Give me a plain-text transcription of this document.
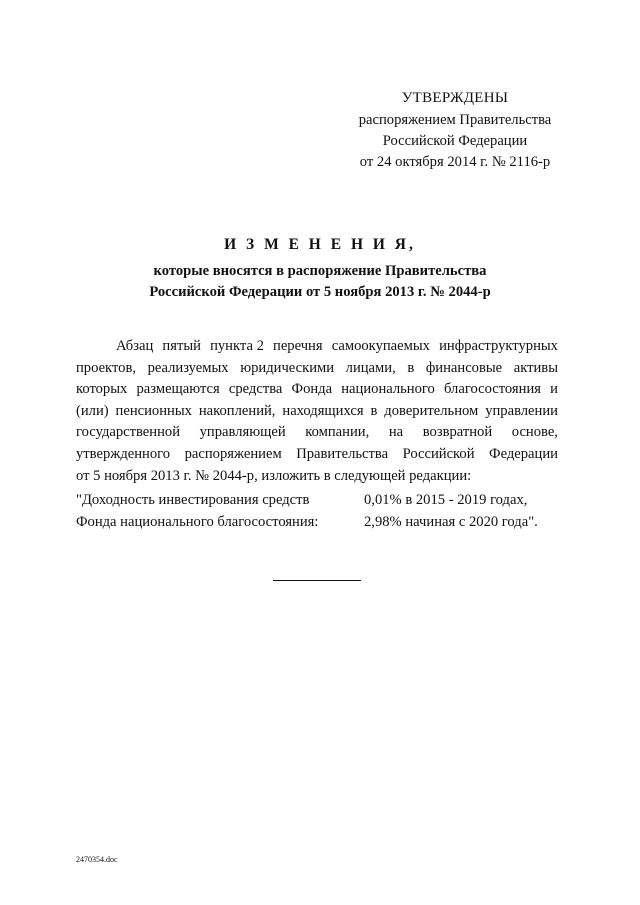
УТВЕРЖДЕНЫ
распоряжением Правительства
Российской Федерации
от 24 октября 2014 г. № 2116-р
И З М Е Н Е Н И Я,
которые вносятся в распоряжение Правительства
Российской Федерации от 5 ноября 2013 г. № 2044-р
Абзац пятый пункта 2 перечня самоокупаемых инфраструктурных
проектов, реализуемых юридическими лицами, в финансовые активы
которых размещаются средства Фонда национального благосостояния и
(или) пенсионных накоплений, находящихся в доверительном управлении
государственной управляющей компании, на возвратной основе,
утвержденного распоряжением Правительства Российской Федерации
от 5 ноября 2013 г. № 2044-р, изложить в следующей редакции:
"Доходность инвестирования средств	0,01% в 2015 - 2019 годах,
Фонда национального благосостояния:	2,98% начиная с 2020 года".
2470354.doc
